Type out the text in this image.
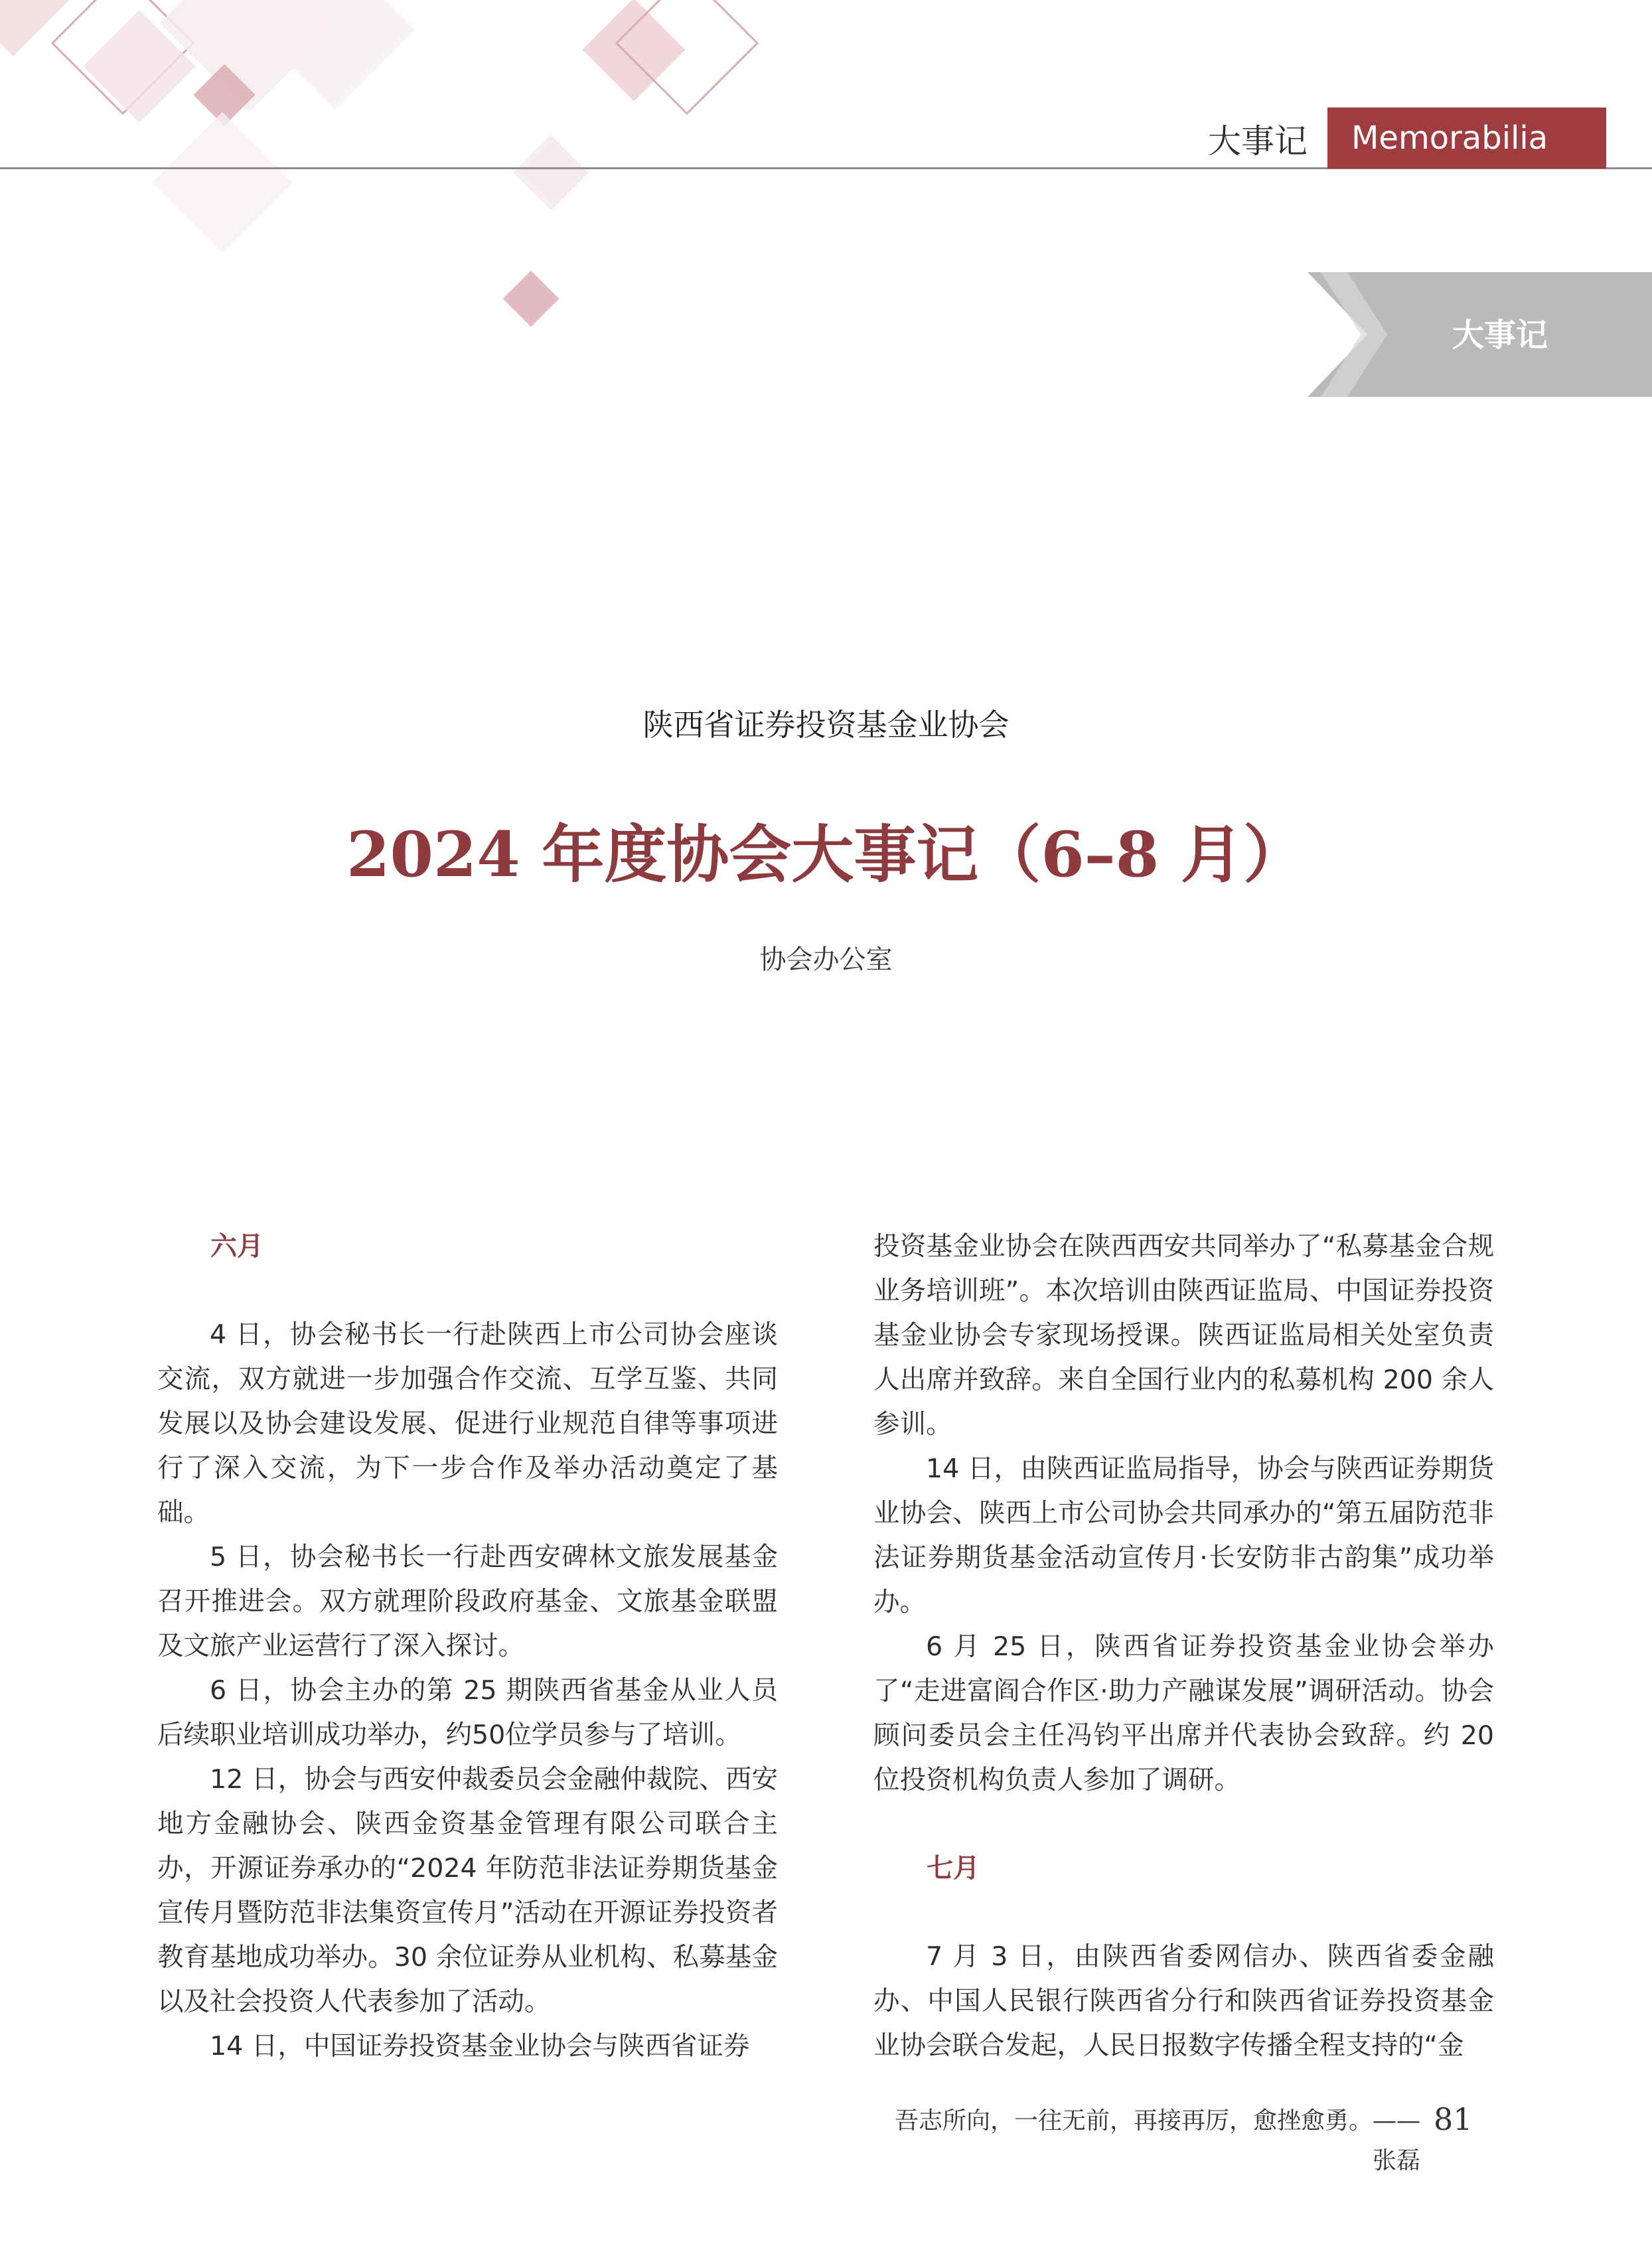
大事记	Memorabilia
大事记
陕西省证券投资基金业协会
2024 年度协会大事记（6–8 月）
协会办公室
六月

4 日，协会秘书长一行赴陕西上市公司协会座谈交流，双方就进一步加强合作交流、互学互鉴、共同发展以及协会建设发展、促进行业规范自律等事项进行了深入交流，为下一步合作及举办活动奠定了基础。

5 日，协会秘书长一行赴西安碑林文旅发展基金召开推进会。双方就理阶段政府基金、文旅基金联盟及文旅产业运营行了深入探讨。

6 日，协会主办的第 25 期陕西省基金从业人员后续职业培训成功举办，约50位学员参与了培训。

12 日，协会与西安仲裁委员会金融仲裁院、西安地方金融协会、陕西金资基金管理有限公司联合主办，开源证券承办的“2024 年防范非法证券期货基金宣传月暨防范非法集资宣传月”活动在开源证券投资者教育基地成功举办。30 余位证券从业机构、私募基金以及社会投资人代表参加了活动。

14 日，中国证券投资基金业协会与陕西省证券

投资基金业协会在陕西西安共同举办了“私募基金合规业务培训班”。本次培训由陕西证监局、中国证券投资基金业协会专家现场授课。陕西证监局相关处室负责人出席并致辞。来自全国行业内的私募机构 200 余人参训。

14 日，由陕西证监局指导，协会与陕西证券期货业协会、陕西上市公司协会共同承办的“第五届防范非法证券期货基金活动宣传月·长安防非古韵集”成功举办。

6 月 25 日，陕西省证券投资基金业协会举办了“走进富阎合作区·助力产融谋发展”调研活动。协会顾问委员会主任冯钧平出席并代表协会致辞。约 20 位投资机构负责人参加了调研。

七月

7 月 3 日，由陕西省委网信办、陕西省委金融办、中国人民银行陕西省分行和陕西省证券投资基金业协会联合发起，人民日报数字传播全程支持的“金

吾志所向，一往无前，再接再厉，愈挫愈勇。——张磊
81
